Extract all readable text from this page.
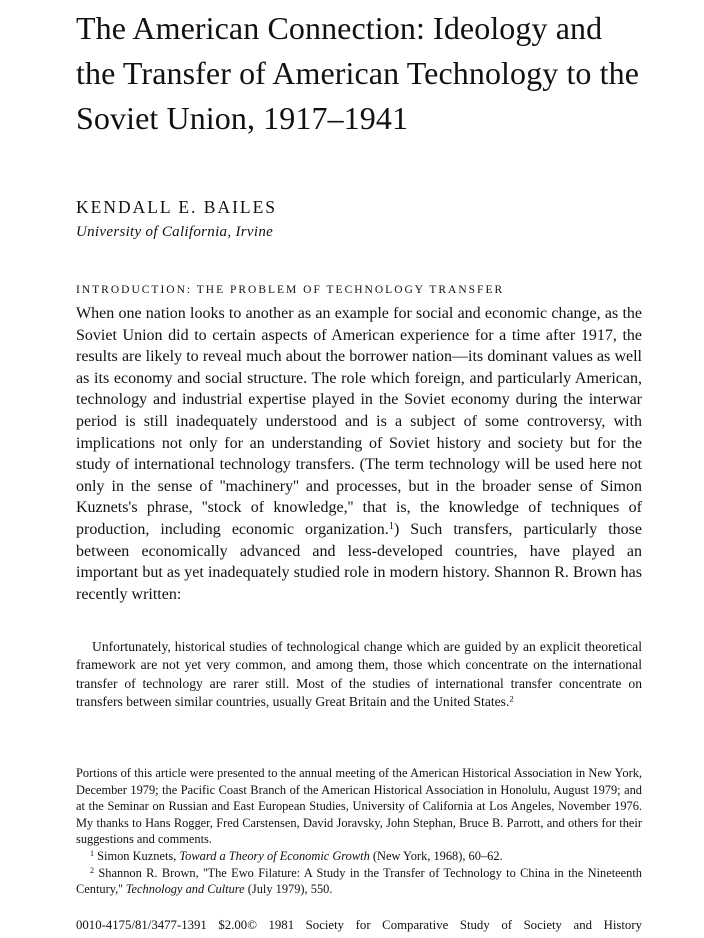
The American Connection: Ideology and the Transfer of American Technology to the Soviet Union, 1917–1941
KENDALL E. BAILES
University of California, Irvine
INTRODUCTION: THE PROBLEM OF TECHNOLOGY TRANSFER

When one nation looks to another as an example for social and economic change, as the Soviet Union did to certain aspects of American experience for a time after 1917, the results are likely to reveal much about the borrower nation—its dominant values as well as its economy and social structure. The role which foreign, and particularly American, technology and industrial expertise played in the Soviet economy during the interwar period is still inadequately understood and is a subject of some controversy, with implications not only for an understanding of Soviet history and society but for the study of international technology transfers. (The term technology will be used here not only in the sense of ''machinery'' and processes, but in the broader sense of Simon Kuznets's phrase, ''stock of knowledge,'' that is, the knowledge of techniques of production, including economic organization.$^1$) Such transfers, particularly those between economically advanced and less-developed countries, have played an important but as yet inadequately studied role in modern history. Shannon R. Brown has recently written:

Unfortunately, historical studies of technological change which are guided by an explicit theoretical framework are not yet very common, and among them, those which concentrate on the international transfer of technology are rarer still. Most of the studies of international transfer concentrate on transfers between similar countries, usually Great Britain and the United States.$^2$

Portions of this article were presented to the annual meeting of the American Historical Association in New York, December 1979; the Pacific Coast Branch of the American Historical Association in Honolulu, August 1979; and at the Seminar on Russian and East European Studies, University of California at Los Angeles, November 1976. My thanks to Hans Rogger, Fred Carstensen, David Joravsky, John Stephan, Bruce B. Parrott, and others for their suggestions and comments.

$^1$ Simon Kuznets, Toward a Theory of Economic Growth (New York, 1968), 60–62.

$^2$ Shannon R. Brown, ''The Ewo Filature: A Study in the Transfer of Technology to China in the Nineteenth Century,'' Technology and Culture (July 1979), 550.

0010-4175/81/3477-1391 $2.00© 1981 Society for Comparative Study of Society and History
